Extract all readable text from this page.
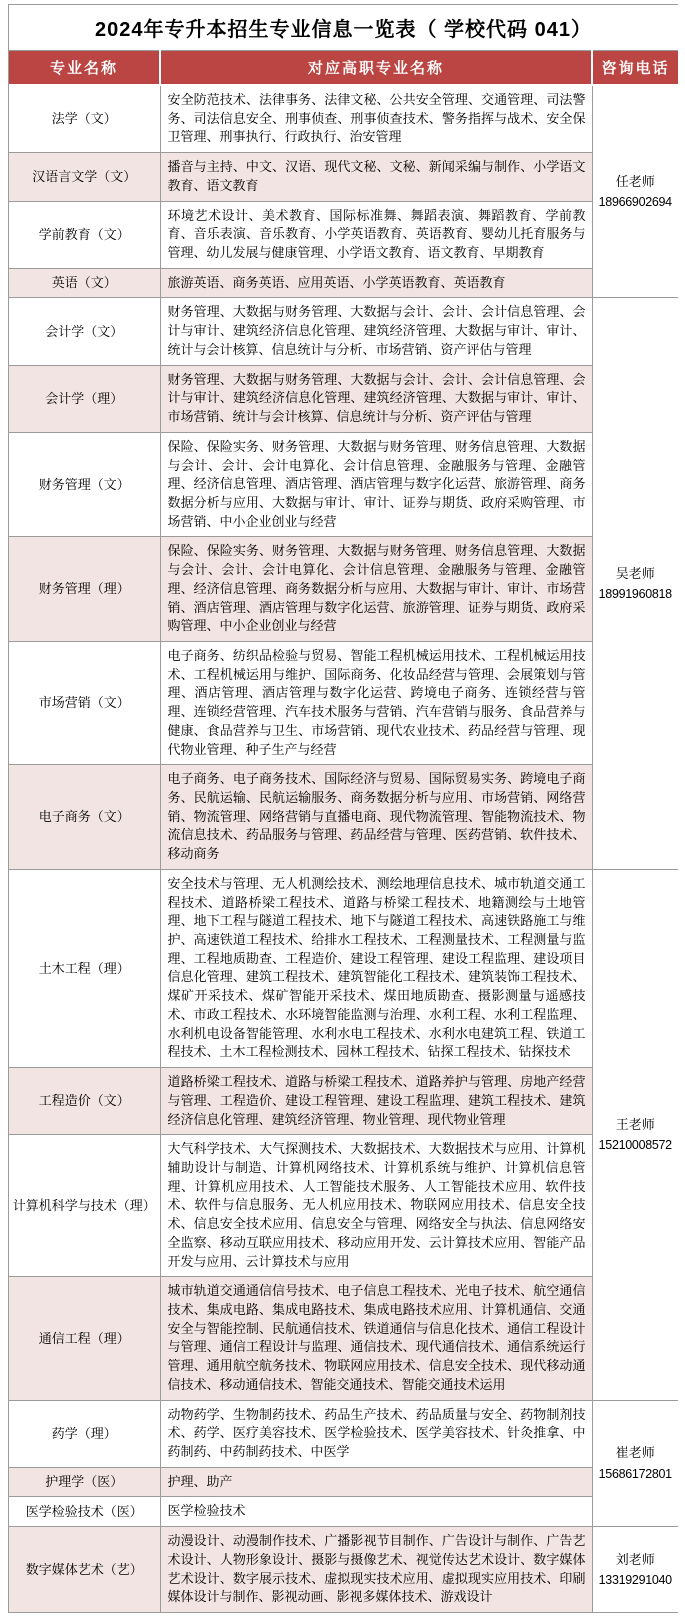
2024年专升本招生专业信息一览表（ 学校代码 041）		
专业名称	对应高职专业名称	咨询电话
法学（文）	安全防范技术、法律事务、法律文秘、公共安全管理、交通管理、司法警务、司法信息安全、刑事侦查、刑事侦查技术、警务指挥与战术、安全保卫管理、刑事执行、行政执行、治安管理	任老师
18966902694

汉语言文学（文）	播音与主持、中文、汉语、现代文秘、文秘、新闻采编与制作、小学语文教育、语文教育	
学前教育（文）	环境艺术设计、美术教育、国际标准舞、舞蹈表演、舞蹈教育、学前教育、音乐表演、音乐教育、小学英语教育、英语教育、婴幼儿托育服务与管理、幼儿发展与健康管理、小学语文教育、语文教育、早期教育	
英语（文）	旅游英语、商务英语、应用英语、小学英语教育、英语教育	
会计学（文）	财务管理、大数据与财务管理、大数据与会计、会计、会计信息管理、会计与审计、建筑经济信息化管理、建筑经济管理、大数据与审计、审计、统计与会计核算、信息统计与分析、市场营销、资产评估与管理	吴老师
18991960818

会计学（理）	财务管理、大数据与财务管理、大数据与会计、会计、会计信息管理、会计与审计、建筑经济信息化管理、建筑经济管理、大数据与审计、审计、市场营销、统计与会计核算、信息统计与分析、资产评估与管理	
财务管理（文）	保险、保险实务、财务管理、大数据与财务管理、财务信息管理、大数据与会计、会计、会计电算化、会计信息管理、金融服务与管理、金融管理、经济信息管理、酒店管理、酒店管理与数字化运营、旅游管理、商务数据分析与应用、大数据与审计、审计、证券与期货、政府采购管理、市场营销、中小企业创业与经营	
财务管理（理）	保险、保险实务、财务管理、大数据与财务管理、财务信息管理、大数据与会计、会计、会计电算化、会计信息管理、金融服务与管理、金融管理、经济信息管理、商务数据分析与应用、大数据与审计、审计、市场营销、酒店管理、酒店管理与数字化运营、旅游管理、证券与期货、政府采购管理、中小企业创业与经营	
市场营销（文）	电子商务、纺织品检验与贸易、智能工程机械运用技术、工程机械运用技术、工程机械运用与维护、国际商务、化妆品经营与管理、会展策划与管理、酒店管理、酒店管理与数字化运营、跨境电子商务、连锁经营与管理、连锁经营管理、汽车技术服务与营销、汽车营销与服务、食品营养与健康、食品营养与卫生、市场营销、现代农业技术、药品经营与管理、现代物业管理、种子生产与经营	
电子商务（文）	电子商务、电子商务技术、国际经济与贸易、国际贸易实务、跨境电子商务、民航运输、民航运输服务、商务数据分析与应用、市场营销、网络营销、物流管理、网络营销与直播电商、现代物流管理、智能物流技术、物流信息技术、药品服务与管理、药品经营与管理、医药营销、软件技术、移动商务	
土木工程（理）	安全技术与管理、无人机测绘技术、测绘地理信息技术、城市轨道交通工程技术、道路桥梁工程技术、道路与桥梁工程技术、地籍测绘与土地管理、地下工程与隧道工程技术、地下与隧道工程技术、高速铁路施工与维护、高速铁道工程技术、给排水工程技术、工程测量技术、工程测量与监理、工程地质勘查、工程造价、建设工程管理、建设工程监理、建设项目信息化管理、建筑工程技术、建筑智能化工程技术、建筑装饰工程技术、煤矿开采技术、煤矿智能开采技术、煤田地质勘查、摄影测量与遥感技术、市政工程技术、水环境智能监测与治理、水利工程、水利工程监理、水利机电设备智能管理、水利水电工程技术、水利水电建筑工程、铁道工程技术、土木工程检测技术、园林工程技术、钻探工程技术、钻探技术	王老师
15210008572

工程造价（文）	道路桥梁工程技术、道路与桥梁工程技术、道路养护与管理、房地产经营与管理、工程造价、建设工程管理、建设工程监理、建筑工程技术、建筑经济信息化管理、建筑经济管理、物业管理、现代物业管理	
计算机科学与技术（理）	大气科学技术、大气探测技术、大数据技术、大数据技术与应用、计算机辅助设计与制造、计算机网络技术、计算机系统与维护、计算机信息管理、计算机应用技术、人工智能技术服务、人工智能技术应用、软件技术、软件与信息服务、无人机应用技术、物联网应用技术、信息安全技术、信息安全技术应用、信息安全与管理、网络安全与执法、信息网络安全监察、移动互联应用技术、移动应用开发、云计算技术应用、智能产品开发与应用、云计算技术与应用	
通信工程（理）	城市轨道交通通信信号技术、电子信息工程技术、光电子技术、航空通信技术、集成电路、集成电路技术、集成电路技术应用、计算机通信、交通安全与智能控制、民航通信技术、铁道通信与信息化技术、通信工程设计与管理、通信工程设计与监理、通信技术、现代通信技术、通信系统运行管理、通用航空航务技术、物联网应用技术、信息安全技术、现代移动通信技术、移动通信技术、智能交通技术、智能交通技术运用	
药学（理）	动物药学、生物制药技术、药品生产技术、药品质量与安全、药物制剂技术、药学、医疗美容技术、医学检验技术、医学美容技术、针灸推拿、中药制药、中药制药技术、中医学	崔老师
15686172801

护理学（医）	护理、助产	
医学检验技术（医）	医学检验技术	
数字媒体艺术（艺）	动漫设计、动漫制作技术、广播影视节目制作、广告设计与制作、广告艺术设计、人物形象设计、摄影与摄像艺术、视觉传达艺术设计、数字媒体艺术设计、数字展示技术、虚拟现实技术应用、虚拟现实应用技术、印刷媒体设计与制作、影视动画、影视多媒体技术、游戏设计	刘老师
13319291040
